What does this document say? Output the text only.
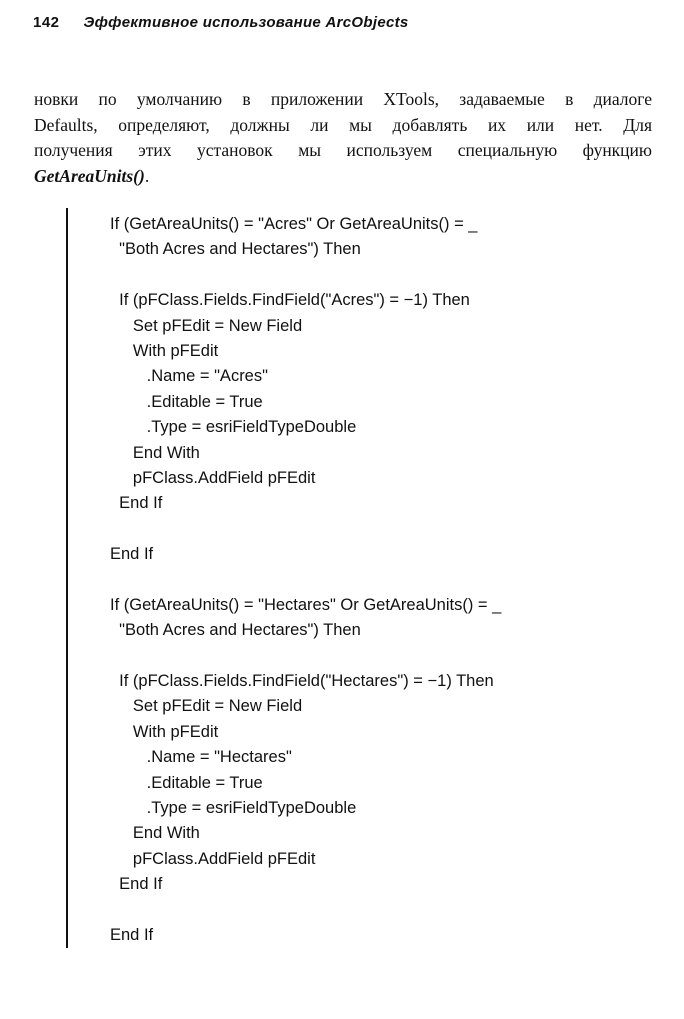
142 Эффективное использование ArcObjects
новки по умолчанию в приложении XTools, задаваемые в диалоге
Defaults, определяют, должны ли мы добавлять их или нет. Для
получения этих установок мы используем специальную функцию
GetAreaUnits().
If (GetAreaUnits() = "Acres" Or GetAreaUnits() = _
"Both Acres and Hectares") Then
If (pFClass.Fields.FindField("Acres") = −1) Then
Set pFEdit = New Field
With pFEdit
.Name = "Acres"
.Editable = True
.Type = esriFieldTypeDouble
End With
pFClass.AddField pFEdit
End If
End If
If (GetAreaUnits() = "Hectares" Or GetAreaUnits() = _
"Both Acres and Hectares") Then
If (pFClass.Fields.FindField("Hectares") = −1) Then
Set pFEdit = New Field
With pFEdit
.Name = "Hectares"
.Editable = True
.Type = esriFieldTypeDouble
End With
pFClass.AddField pFEdit
End If
End If
